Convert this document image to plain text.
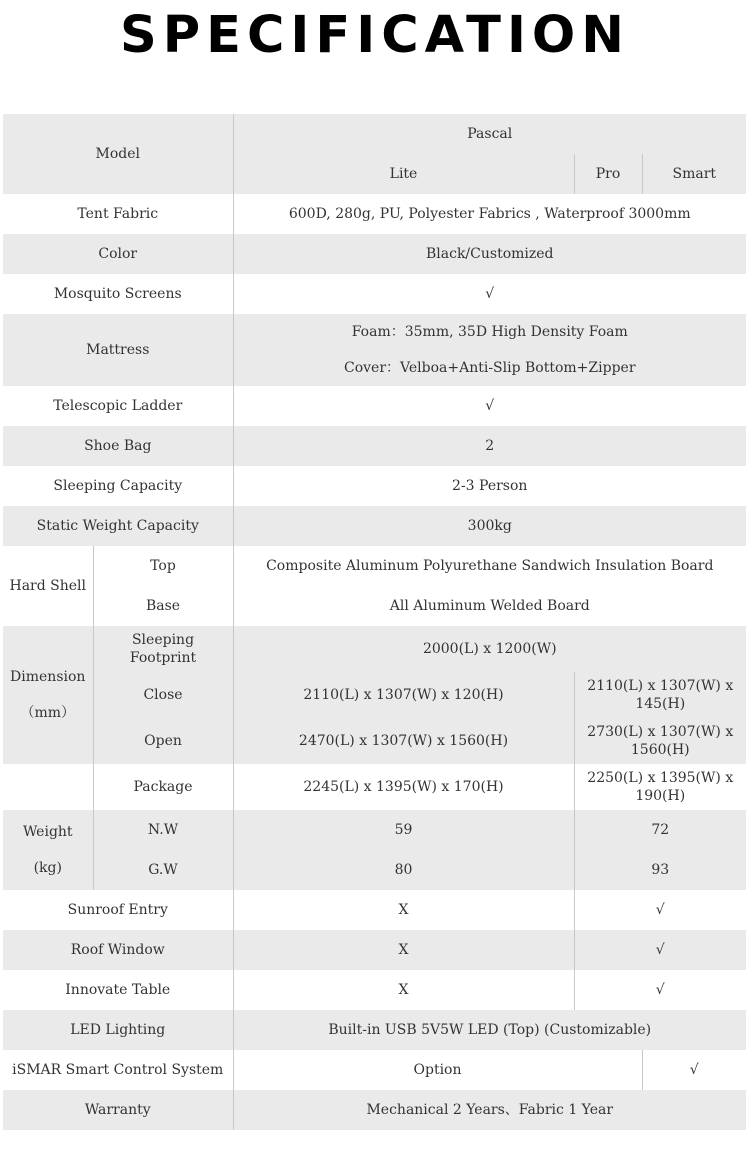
SPECIFICATION
Model		Pascal		
		Lite	Pro	Smart
Tent Fabric		600D, 280g, PU, Polyester Fabrics , Waterproof 3000mm		
Color		Black/Customized		
Mosquito Screens		√		
Mattress		Foam：35mm, 35D High Density Foam
Cover：Velboa+Anti-Slip Bottom+Zipper		
Telescopic Ladder		√		
Shoe Bag		2		
Sleeping Capacity		2-3 Person		
Static Weight Capacity		300kg		
Hard Shell	Top	Composite Aluminum Polyurethane Sandwich Insulation Board		
	Base	All Aluminum Welded Board		
Dimension
（mm）	Sleeping Footprint	2000(L) x 1200(W)		
	Close	2110(L) x 1307(W) x 120(H)	2110(L) x 1307(W) x 145(H)	
	Open	2470(L) x 1307(W) x 1560(H)	2730(L) x 1307(W) x 1560(H)	
	Package	2245(L) x 1395(W) x 170(H)	2250(L) x 1395(W) x 190(H)	
Weight
(kg)	N.W	59	72	
	G.W	80	93	
Sunroof Entry		X	√	
Roof Window		X	√	
Innovate Table		X	√	
LED Lighting		Built-in USB 5V5W LED (Top) (Customizable)		
iSMAR Smart Control System		Option		√
Warranty		Mechanical 2 Years、Fabric 1 Year		
